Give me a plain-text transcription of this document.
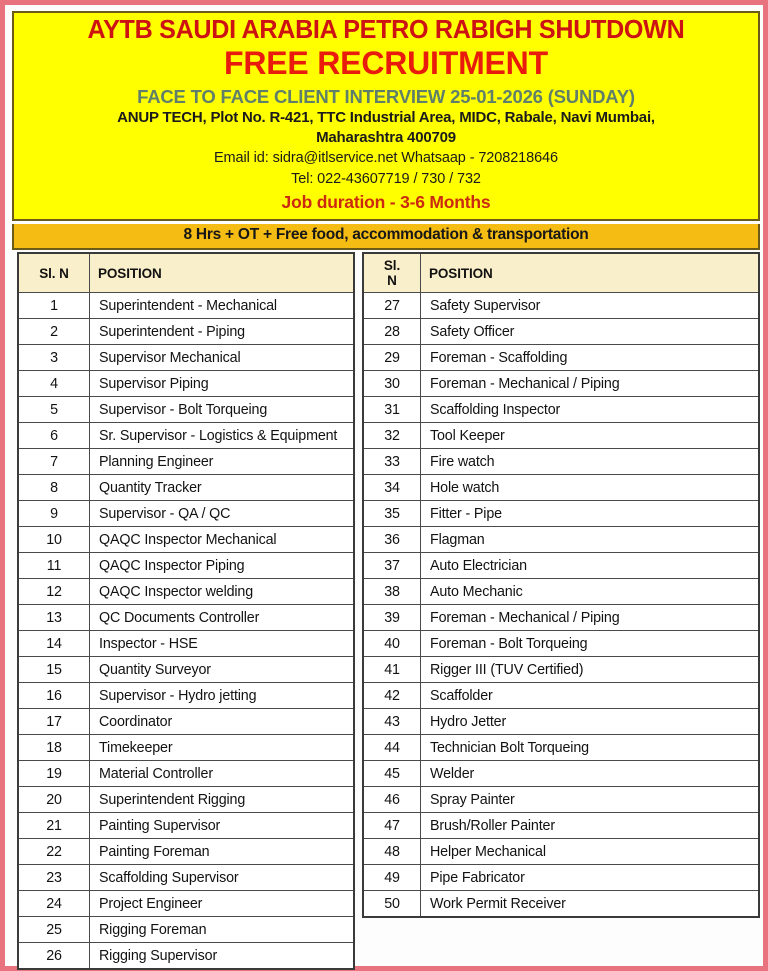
AYTB SAUDI ARABIA PETRO RABIGH SHUTDOWN
FREE RECRUITMENT
FACE TO FACE CLIENT INTERVIEW 25-01-2026 (SUNDAY)
ANUP TECH, Plot No. R-421, TTC Industrial Area, MIDC, Rabale, Navi Mumbai,
Maharashtra 400709
Email id: sidra@itlservice.net Whatsaap - 7208218646
Tel: 022-43607719 / 730 / 732
Job duration - 3-6 Months
8 Hrs + OT + Free food, accommodation & transportation
Sl. N	POSITION
1	Superintendent - Mechanical
2	Superintendent - Piping
3	Supervisor Mechanical
4	Supervisor Piping
5	Supervisor - Bolt Torqueing
6	Sr. Supervisor - Logistics & Equipment
7	Planning Engineer
8	Quantity Tracker
9	Supervisor - QA / QC
10	QAQC Inspector Mechanical
11	QAQC Inspector Piping
12	QAQC Inspector welding
13	QC Documents Controller
14	Inspector - HSE
15	Quantity Surveyor
16	Supervisor - Hydro jetting
17	Coordinator
18	Timekeeper
19	Material Controller
20	Superintendent Rigging
21	Painting Supervisor
22	Painting Foreman
23	Scaffolding Supervisor
24	Project Engineer
25	Rigging Foreman
26	Rigging Supervisor
Sl.
N	POSITION
27	Safety Supervisor
28	Safety Officer
29	Foreman - Scaffolding
30	Foreman - Mechanical / Piping
31	Scaffolding Inspector
32	Tool Keeper
33	Fire watch
34	Hole watch
35	Fitter - Pipe
36	Flagman
37	Auto Electrician
38	Auto Mechanic
39	Foreman - Mechanical / Piping
40	Foreman - Bolt Torqueing
41	Rigger III (TUV Certified)
42	Scaffolder
43	Hydro Jetter
44	Technician Bolt Torqueing
45	Welder
46	Spray Painter
47	Brush/Roller Painter
48	Helper Mechanical
49	Pipe Fabricator
50	Work Permit Receiver
